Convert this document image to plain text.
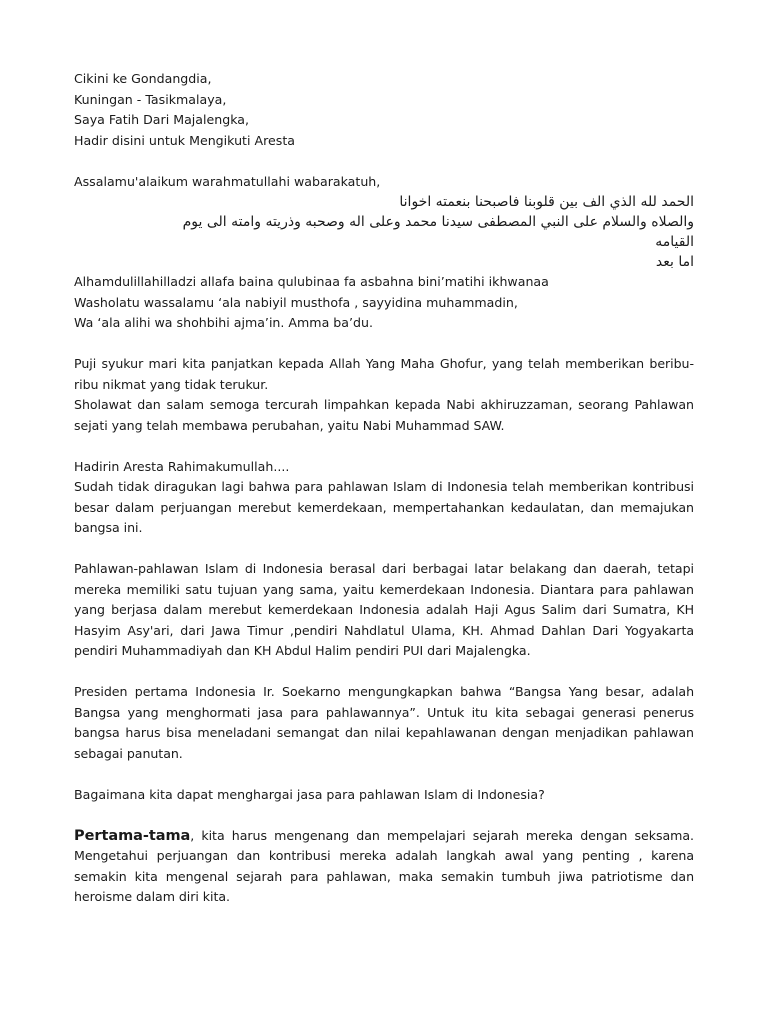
Cikini ke Gondangdia,
Kuningan - Tasikmalaya,
Saya Fatih Dari Majalengka,
Hadir disini untuk Mengikuti Aresta
Assalamu'alaikum warahmatullahi wabarakatuh,
الحمد لله الذي الف بين قلوبنا فاصبحنا بنعمته اخوانا
والصلاه والسلام على النبي المصطفى سيدنا محمد وعلى اله وصحبه وذريته وامته الى يوم
القيامه
اما بعد
Alhamdulillahilladzi allafa baina qulubinaa fa asbahna bini’matihi ikhwanaa
Washolatu wassalamu ‘ala nabiyil musthofa , sayyidina muhammadin,
Wa ‘ala alihi wa shohbihi ajma’in. Amma ba’du.

Puji syukur mari kita panjatkan kepada Allah Yang Maha Ghofur, yang telah memberikan beribu-ribu nikmat yang tidak terukur.

Sholawat dan salam semoga tercurah limpahkan kepada Nabi akhiruzzaman, seorang Pahlawan sejati yang telah membawa perubahan, yaitu Nabi Muhammad SAW.

Hadirin Aresta Rahimakumullah....

Sudah tidak diragukan lagi bahwa para pahlawan Islam di Indonesia telah memberikan kontribusi besar dalam perjuangan merebut kemerdekaan, mempertahankan kedaulatan, dan memajukan bangsa ini.

Pahlawan-pahlawan Islam di Indonesia berasal dari berbagai latar belakang dan daerah, tetapi mereka memiliki satu tujuan yang sama, yaitu kemerdekaan Indonesia. Diantara para pahlawan yang berjasa dalam merebut kemerdekaan Indonesia adalah Haji Agus Salim dari Sumatra, KH Hasyim Asy'ari, dari Jawa Timur ,pendiri Nahdlatul Ulama, KH. Ahmad Dahlan Dari Yogyakarta pendiri Muhammadiyah dan KH Abdul Halim pendiri PUI dari Majalengka.

Presiden pertama Indonesia Ir. Soekarno mengungkapkan bahwa “Bangsa Yang besar, adalah Bangsa yang menghormati jasa para pahlawannya”. Untuk itu kita sebagai generasi penerus bangsa harus bisa meneladani semangat dan nilai kepahlawanan dengan menjadikan pahlawan sebagai panutan.

Bagaimana kita dapat menghargai jasa para pahlawan Islam di Indonesia?

Pertama-tama, kita harus mengenang dan mempelajari sejarah mereka dengan seksama. Mengetahui perjuangan dan kontribusi mereka adalah langkah awal yang penting , karena semakin kita mengenal sejarah para pahlawan, maka semakin tumbuh jiwa patriotisme dan heroisme dalam diri kita.
